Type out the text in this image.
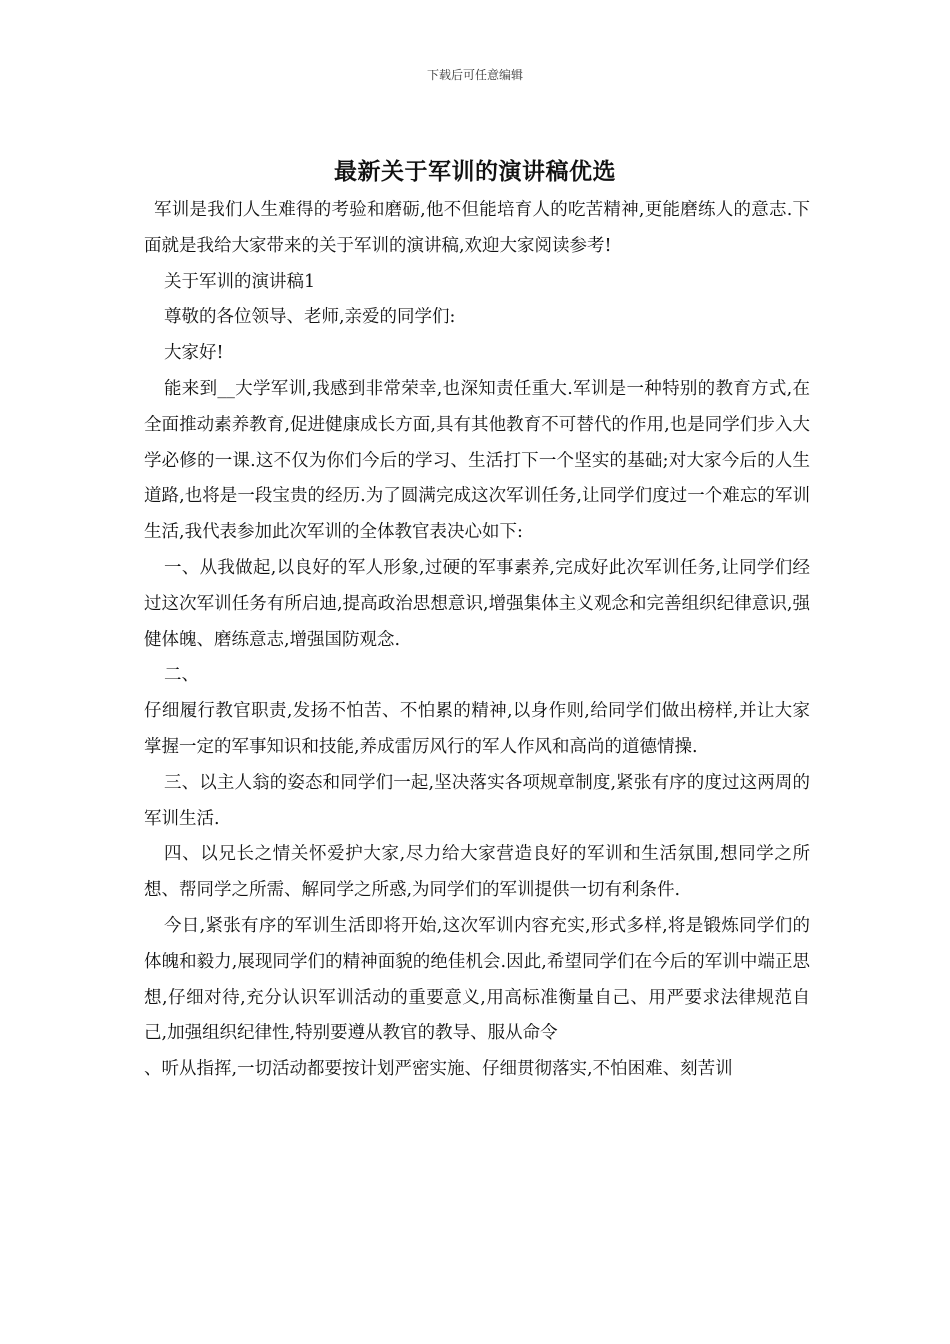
下载后可任意编辑
最新关于军训的演讲稿优选

军训是我们人生难得的考验和磨砺,他不但能培育人的吃苦精神,更能磨练人的意志.下面就是我给大家带来的关于军训的演讲稿,欢迎大家阅读参考!

关于军训的演讲稿1

尊敬的各位领导、老师,亲爱的同学们:

大家好!

能来到__大学军训,我感到非常荣幸,也深知责任重大.军训是一种特别的教育方式,在全面推动素养教育,促进健康成长方面,具有其他教育不可替代的作用,也是同学们步入大学必修的一课.这不仅为你们今后的学习、生活打下一个坚实的基础;对大家今后的人生道路,也将是一段宝贵的经历.为了圆满完成这次军训任务,让同学们度过一个难忘的军训生活,我代表参加此次军训的全体教官表决心如下:

一、从我做起,以良好的军人形象,过硬的军事素养,完成好此次军训任务,让同学们经过这次军训任务有所启迪,提高政治思想意识,增强集体主义观念和完善组织纪律意识,强健体魄、磨练意志,增强国防观念.

二、

仔细履行教官职责,发扬不怕苦、不怕累的精神,以身作则,给同学们做出榜样,并让大家掌握一定的军事知识和技能,养成雷厉风行的军人作风和高尚的道德情操.

三、以主人翁的姿态和同学们一起,坚决落实各项规章制度,紧张有序的度过这两周的军训生活.

四、以兄长之情关怀爱护大家,尽力给大家营造良好的军训和生活氛围,想同学之所想、帮同学之所需、解同学之所惑,为同学们的军训提供一切有利条件.

今日,紧张有序的军训生活即将开始,这次军训内容充实,形式多样,将是锻炼同学们的体魄和毅力,展现同学们的精神面貌的绝佳机会.因此,希望同学们在今后的军训中端正思想,仔细对待,充分认识军训活动的重要意义,用高标准衡量自己、用严要求法律规范自己,加强组织纪律性,特别要遵从教官的教导、服从命令

、听从指挥,一切活动都要按计划严密实施、仔细贯彻落实,不怕困难、刻苦训
